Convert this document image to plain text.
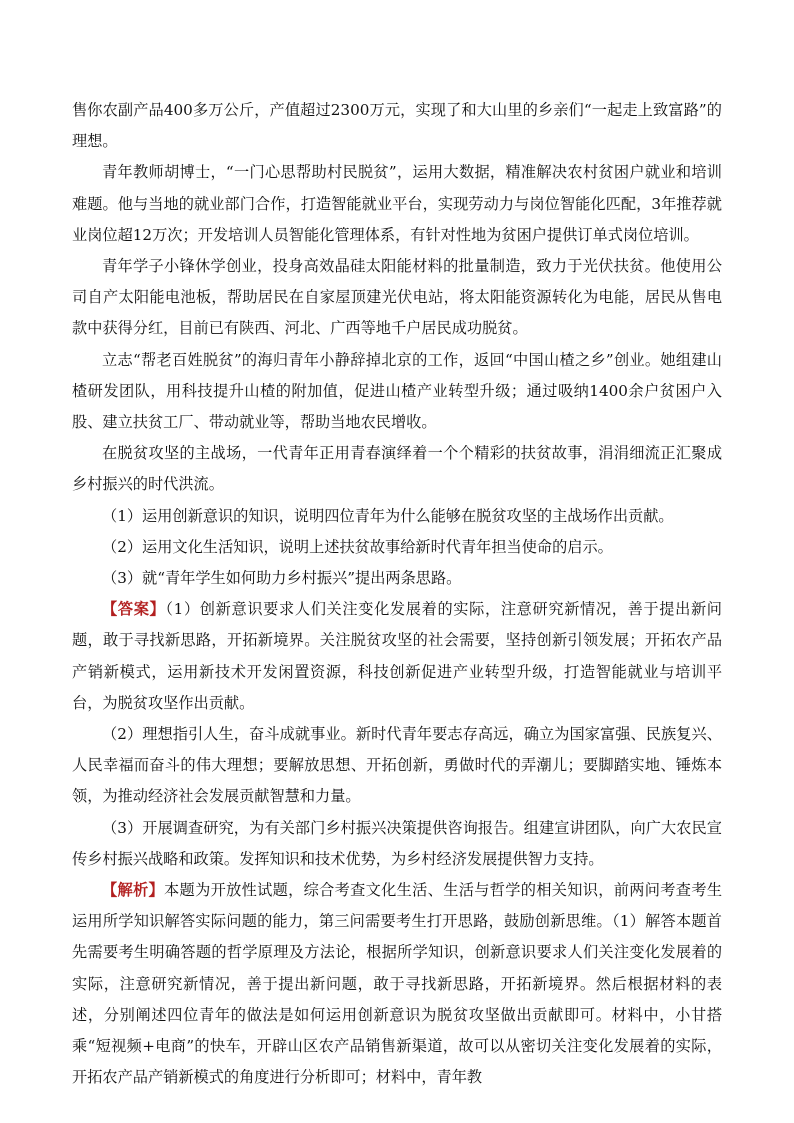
售你农副产品400多万公斤，产值超过2300万元，实现了和大山里的乡亲们“一起走上致富路”的理想。

青年教师胡博士，“一门心思帮助村民脱贫”，运用大数据，精准解决农村贫困户就业和培训难题。他与当地的就业部门合作，打造智能就业平台，实现劳动力与岗位智能化匹配，3年推荐就业岗位超12万次；开发培训人员智能化管理体系，有针对性地为贫困户提供订单式岗位培训。

青年学子小锋休学创业，投身高效晶硅太阳能材料的批量制造，致力于光伏扶贫。他使用公司自产太阳能电池板，帮助居民在自家屋顶建光伏电站，将太阳能资源转化为电能，居民从售电款中获得分红，目前已有陕西、河北、广西等地千户居民成功脱贫。

立志“帮老百姓脱贫”的海归青年小静辞掉北京的工作，返回“中国山楂之乡”创业。她组建山楂研发团队，用科技提升山楂的附加值，促进山楂产业转型升级；通过吸纳1400余户贫困户入股、建立扶贫工厂、带动就业等，帮助当地农民增收。

在脱贫攻坚的主战场，一代青年正用青春演绎着一个个精彩的扶贫故事，涓涓细流正汇聚成乡村振兴的时代洪流。

（1）运用创新意识的知识，说明四位青年为什么能够在脱贫攻坚的主战场作出贡献。

（2）运用文化生活知识，说明上述扶贫故事给新时代青年担当使命的启示。

（3）就“青年学生如何助力乡村振兴”提出两条思路。

【答案】（1）创新意识要求人们关注变化发展着的实际，注意研究新情况，善于提出新问题，敢于寻找新思路，开拓新境界。关注脱贫攻坚的社会需要，坚持创新引领发展；开拓农产品产销新模式，运用新技术开发闲置资源，科技创新促进产业转型升级，打造智能就业与培训平台，为脱贫攻坚作出贡献。

（2）理想指引人生，奋斗成就事业。新时代青年要志存高远，确立为国家富强、民族复兴、人民幸福而奋斗的伟大理想；要解放思想、开拓创新，勇做时代的弄潮儿；要脚踏实地、锤炼本领，为推动经济社会发展贡献智慧和力量。

（3）开展调查研究，为有关部门乡村振兴决策提供咨询报告。组建宣讲团队，向广大农民宣传乡村振兴战略和政策。发挥知识和技术优势，为乡村经济发展提供智力支持。

【解析】本题为开放性试题，综合考查文化生活、生活与哲学的相关知识，前两问考查考生运用所学知识解答实际问题的能力，第三问需要考生打开思路，鼓励创新思维。（1）解答本题首先需要考生明确答题的哲学原理及方法论，根据所学知识，创新意识要求人们关注变化发展着的实际，注意研究新情况，善于提出新问题，敢于寻找新思路，开拓新境界。然后根据材料的表述，分别阐述四位青年的做法是如何运用创新意识为脱贫攻坚做出贡献即可。材料中，小甘搭乘“短视频+电商”的快车，开辟山区农产品销售新渠道，故可以从密切关注变化发展着的实际，开拓农产品产销新模式的角度进行分析即可；材料中，青年教
